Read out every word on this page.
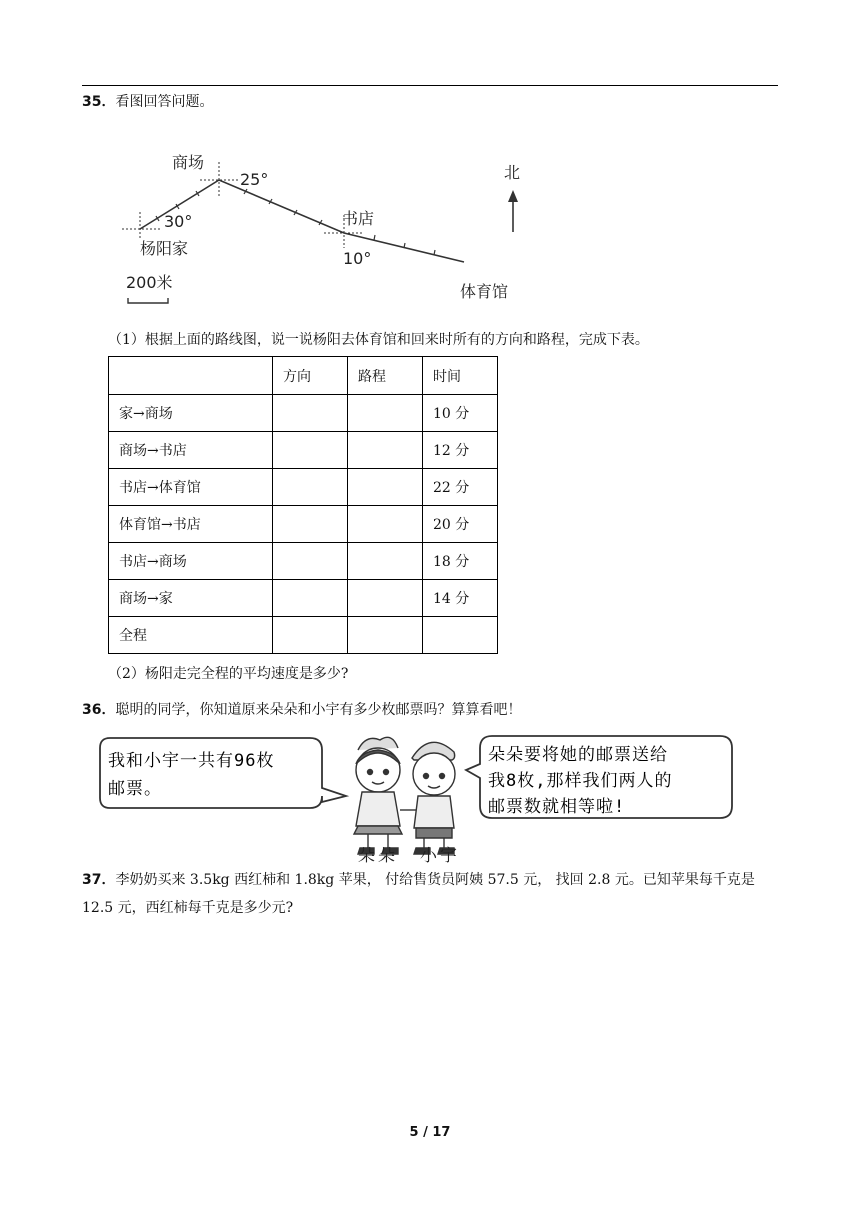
35．看图回答问题。
商场
杨阳家
书店
体育馆
北
30°
25°
10°
200米
（1）根据上面的路线图，说一说杨阳去体育馆和回来时所有的方向和路程，完成下表。
	方向	路程	时间
家→商场			10 分
商场→书店			12 分
书店→体育馆			22 分
体育馆→书店			20 分
书店→商场			18 分
商场→家			14 分
全程			
（2）杨阳走完全程的平均速度是多少?
36．聪明的同学，你知道原来朵朵和小宇有多少枚邮票吗？算算看吧！
我和小宇一共有96枚
邮票。
朵朵要将她的邮票送给
我8枚,那样我们两人的
邮票数就相等啦!
朵朵 小宇
37．李奶奶买来 3.5kg 西红柿和 1.8kg 苹果， 付给售货员阿姨 57.5 元， 找回 2.8 元。已知苹果每千克是 12.5 元，西红柿每千克是多少元?
5 / 17
